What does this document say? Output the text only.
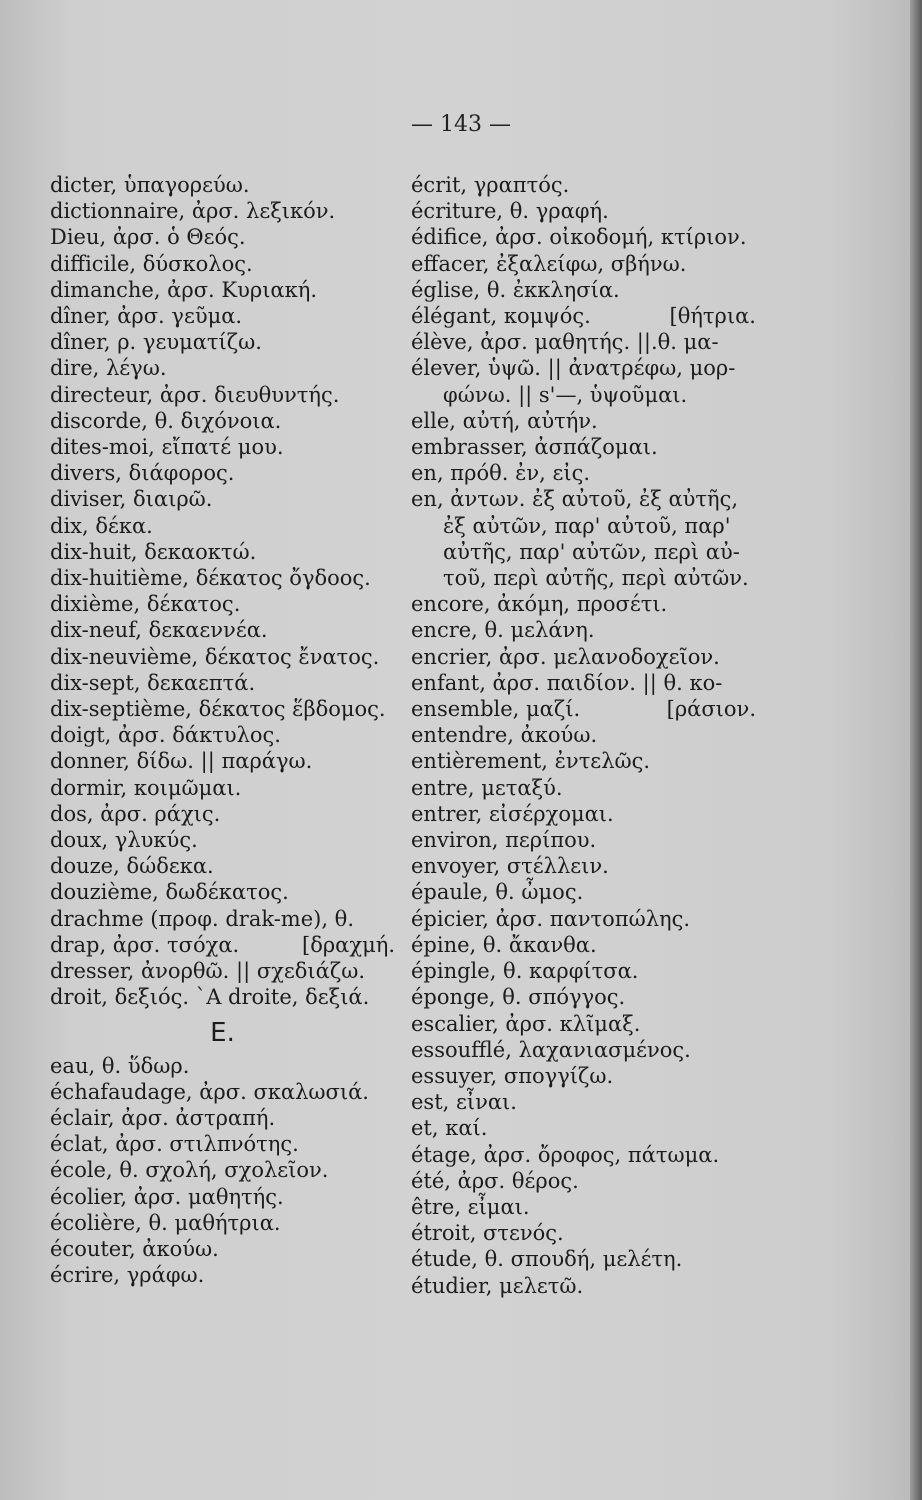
— 143 —
dicter, ὑπαγορεύω.
dictionnaire, ἀρσ. λεξικόν.
Dieu, ἀρσ. ὁ Θεός.
difficile, δύσκολος.
dimanche, ἀρσ. Κυριακή.
dîner, ἀρσ. γεῦμα.
dîner, ρ. γευματίζω.
dire, λέγω.
directeur, ἀρσ. διευθυντής.
discorde, θ. διχόνοια.
dites-moi, εἴπατέ μου.
divers, διάφορος.
diviser, διαιρῶ.
dix, δέκα.
dix-huit, δεκαοκτώ.
dix-huitième, δέκατος ὄγδοος.
dixième, δέκατος.
dix-neuf, δεκαεννέα.
dix-neuvième, δέκατος ἔνατος.
dix-sept, δεκαεπτά.
dix-septième, δέκατος ἕβδομος.
doigt, ἀρσ. δάκτυλος.
donner, δίδω. || παράγω.
dormir, κοιμῶμαι.
dos, ἀρσ. ράχις.
doux, γλυκύς.
douze, δώδεκα.
douzième, δωδέκατος.
drachme (προφ. drak-me), θ.
drap, ἀρσ. τσόχα.	[δραχμή.
dresser, ἀνορθῶ. || σχεδιάζω.
droit, δεξιός. `A droite, δεξιά.
E.
eau, θ. ὕδωρ.
échafaudage, ἀρσ. σκαλωσιά.
éclair, ἀρσ. ἀστραπή.
éclat, ἀρσ. στιλπνότης.
école, θ. σχολή, σχολεῖον.
écolier, ἀρσ. μαθητής.
écolière, θ. μαθήτρια.
écouter, ἀκούω.
écrire, γράφω.
écrit, γραπτός.
écriture, θ. γραφή.
édifice, ἀρσ. οἰκοδομή, κτίριον.
effacer, ἐξαλείφω, σβήνω.
église, θ. ἐκκλησία.
élégant, κομψός.	[θήτρια.
élève, ἀρσ. μαθητής. ||.θ. μα-
élever, ὑψῶ. || ἀνατρέφω, μορ-
φώνω. || s'—, ὑψοῦμαι.
elle, αὐτή, αὐτήν.
embrasser, ἀσπάζομαι.
en, πρόθ. ἐν, εἰς.
en, ἀντων. ἐξ αὐτοῦ, ἐξ αὐτῆς,
ἐξ αὐτῶν, παρ' αὐτοῦ, παρ'
αὐτῆς, παρ' αὐτῶν, περὶ αὐ-
τοῦ, περὶ αὐτῆς, περὶ αὐτῶν.
encore, ἀκόμη, προσέτι.
encre, θ. μελάνη.
encrier, ἀρσ. μελανοδοχεῖον.
enfant, ἀρσ. παιδίον. || θ. κο-
ensemble, μαζί.	[ράσιον.
entendre, ἀκούω.
entièrement, ἐντελῶς.
entre, μεταξύ.
entrer, εἰσέρχομαι.
environ, περίπου.
envoyer, στέλλειν.
épaule, θ. ὦμος.
épicier, ἀρσ. παντοπώλης.
épine, θ. ἄκανθα.
épingle, θ. καρφίτσα.
éponge, θ. σπόγγος.
escalier, ἀρσ. κλῖμαξ.
essoufflé, λαχανιασμένος.
essuyer, σπογγίζω.
est, εἶναι.
et, καί.
étage, ἀρσ. ὄροφος, πάτωμα.
été, ἀρσ. θέρος.
être, εἶμαι.
étroit, στενός.
étude, θ. σπουδή, μελέτη.
étudier, μελετῶ.
